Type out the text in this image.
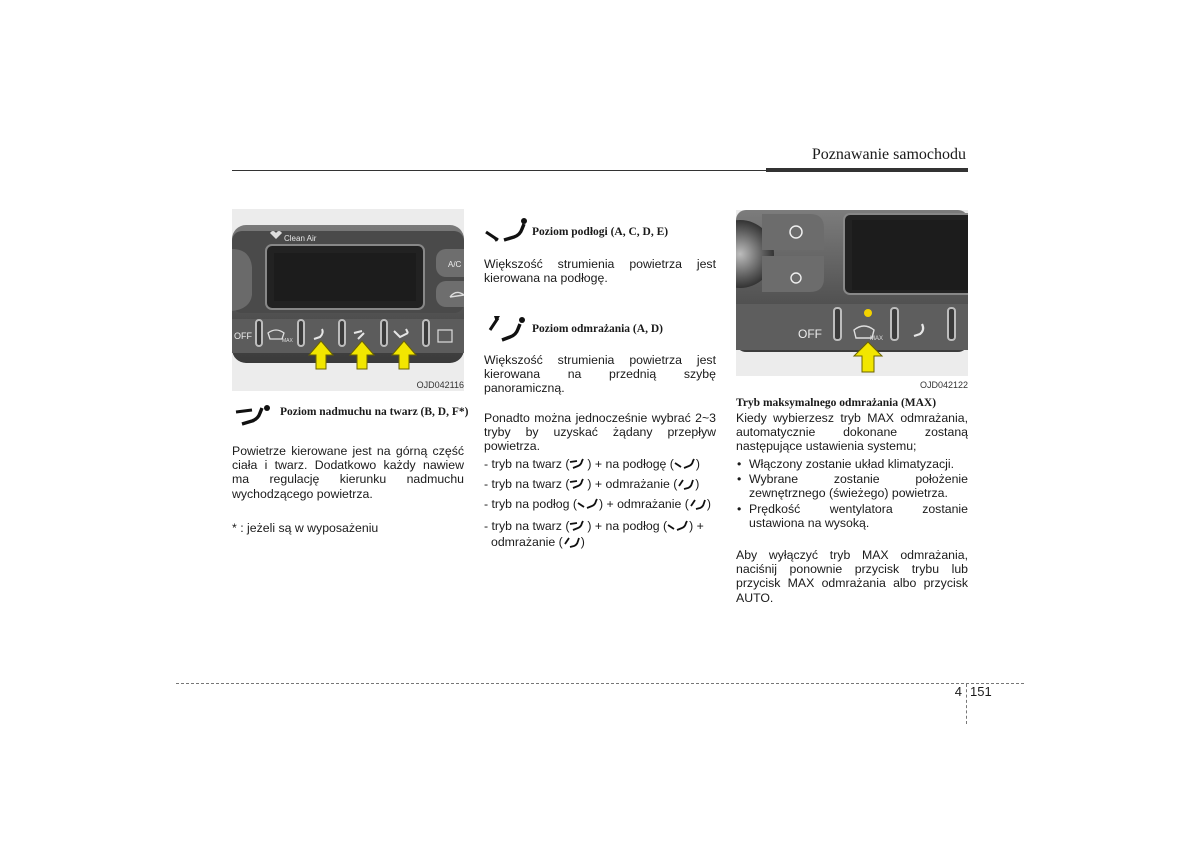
Poznawanie samochodu
Clean Air
A/C
OFF	MAX
OJD042116
Poziom nadmuchu na twarz (B, D, F*)
Powietrze kierowane jest na górną część ciała i twarz. Dodatkowo każdy nawiew ma regulację kierunku nadmuchu wychodzącego powietrza.
* : jeżeli są w wyposażeniu
Poziom podłogi (A, C, D, E)
Większość strumienia powietrza jest kierowana na podłogę.
Poziom odmrażania (A, D)
Większość strumienia powietrza jest kierowana na przednią szybę panoramiczną.
Ponadto można jednocześnie wybrać 2~3 tryby by uzyskać żądany przepływ powietrza.
- tryb na twarz ( ) + na podłogę ( )
- tryb na twarz ( ) + odmrażanie ( )
- tryb na podłog ( ) + odmrażanie ( )
- tryb na twarz ( ) + na podłog ( ) +
odmrażanie ( )
OFF	MAX
OJD042122
Tryb maksymalnego odmrażania (MAX)
Kiedy wybierzesz tryb MAX odmrażania, automatycznie dokonane zostaną następujące ustawienia systemu;
• Włączony zostanie układ klimatyzacji.
• Wybrane zostanie położenie zewnętrznego (świeżego) powietrza.
• Prędkość wentylatora zostanie ustawiona na wysoką.
Aby wyłączyć tryb MAX odmrażania, naciśnij ponownie przycisk trybu lub przycisk MAX odmrażania albo przycisk AUTO.
4 151
